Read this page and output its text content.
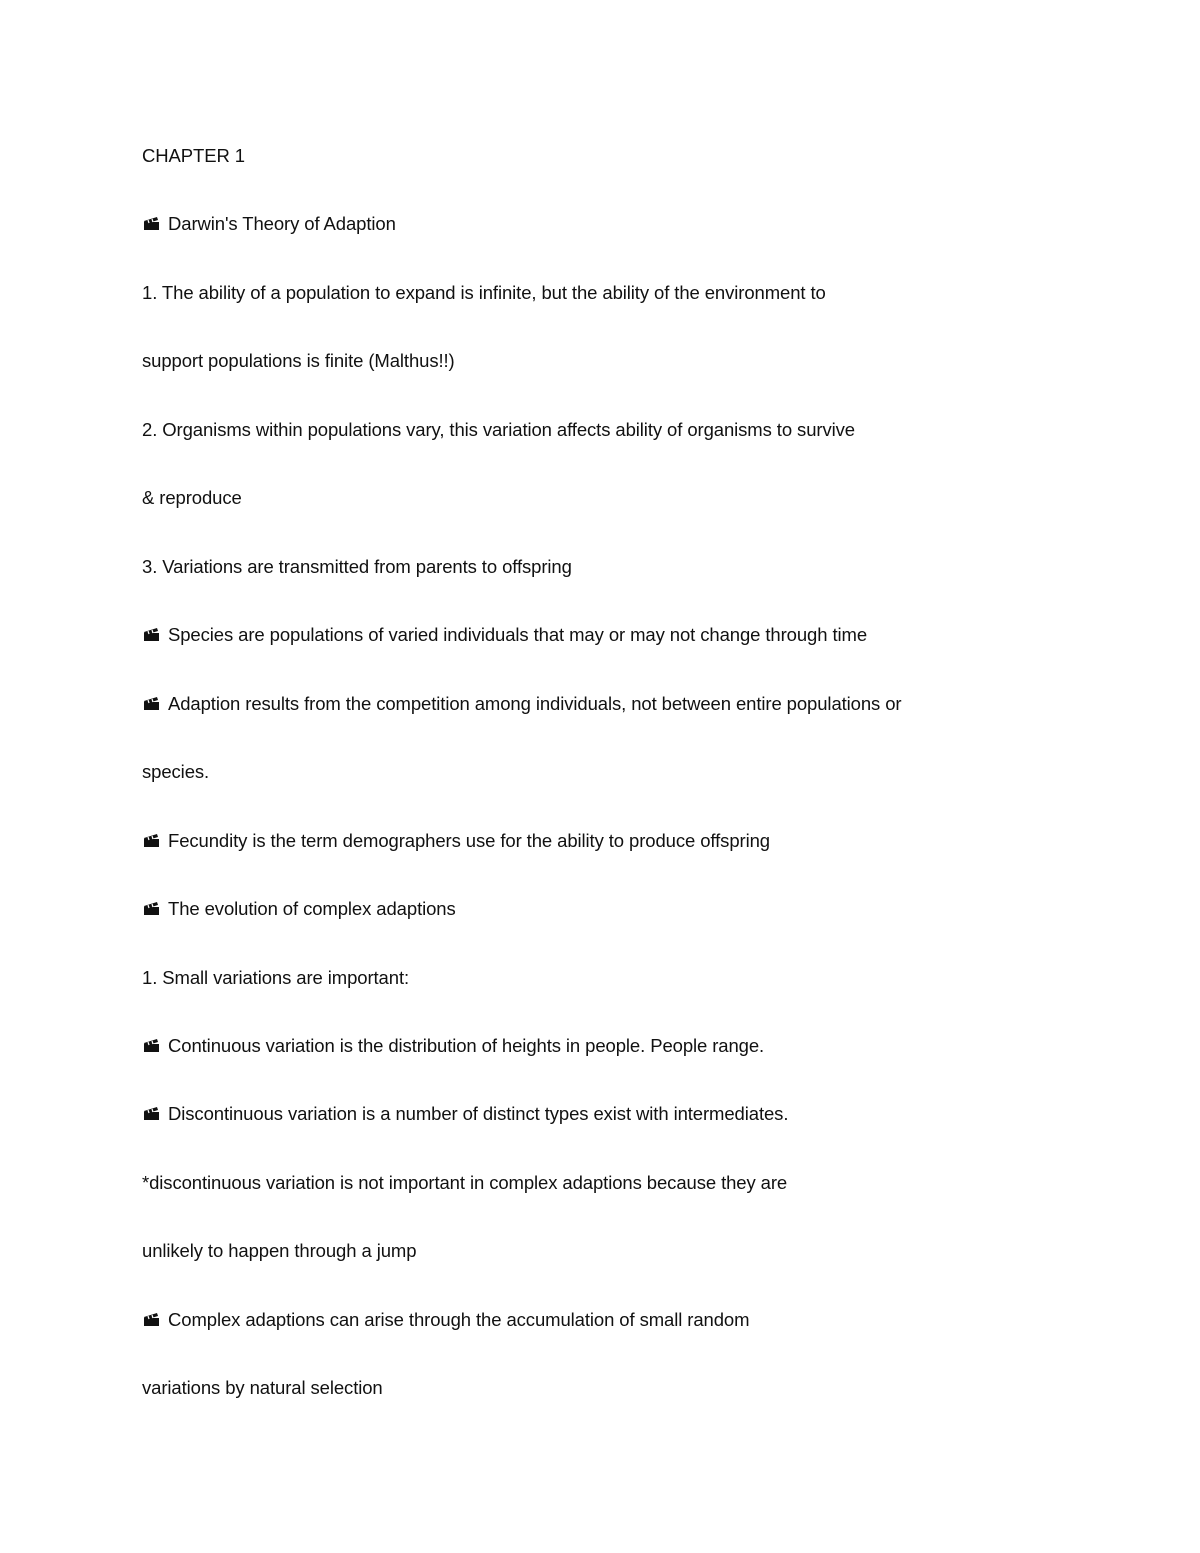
CHAPTER 1
Darwin's Theory of Adaption
1. The ability of a population to expand is infinite, but the ability of the environment to
support populations is finite (Malthus!!)
2. Organisms within populations vary, this variation affects ability of organisms to survive
& reproduce
3. Variations are transmitted from parents to offspring
Species are populations of varied individuals that may or may not change through time
Adaption results from the competition among individuals, not between entire populations or
species.
Fecundity is the term demographers use for the ability to produce offspring
The evolution of complex adaptions
1. Small variations are important:
Continuous variation is the distribution of heights in people. People range.
Discontinuous variation is a number of distinct types exist with intermediates.
*discontinuous variation is not important in complex adaptions because they are
unlikely to happen through a jump
Complex adaptions can arise through the accumulation of small random
variations by natural selection
